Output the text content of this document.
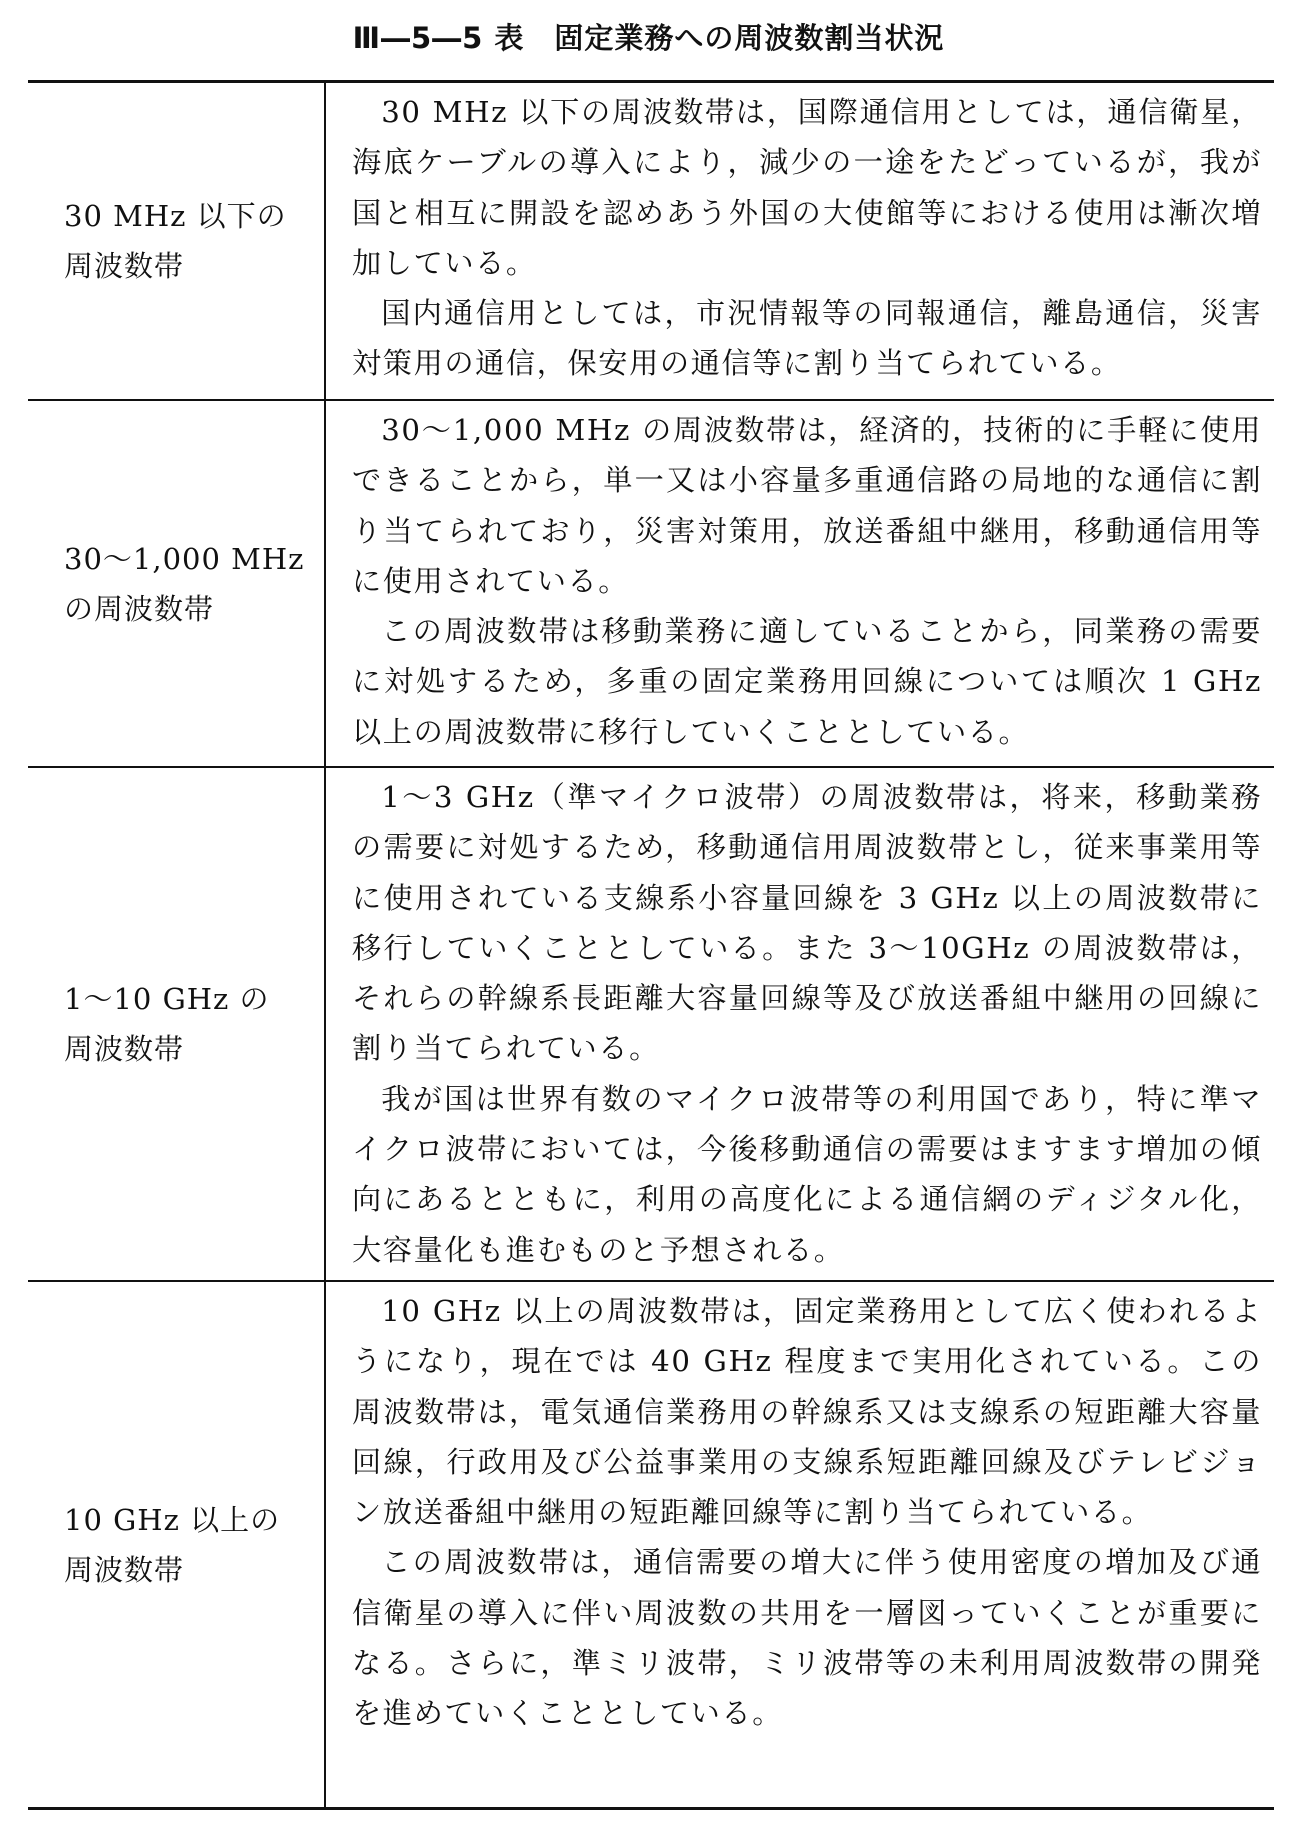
Ⅲ―5―5 表　固定業務への周波数割当状況
30 MHz 以下の
周波数帯

30 MHz 以下の周波数帯は，国際通信用としては，通信衛星，海底ケーブルの導入により，減少の一途をたどっているが，我が国と相互に開設を認めあう外国の大使館等における使用は漸次増加している。

国内通信用としては，市況情報等の同報通信，離島通信，災害対策用の通信，保安用の通信等に割り当てられている。

30～1,000 MHz
の周波数帯

30～1,000 MHz の周波数帯は，経済的，技術的に手軽に使用できることから，単一又は小容量多重通信路の局地的な通信に割り当てられており，災害対策用，放送番組中継用，移動通信用等に使用されている。

この周波数帯は移動業務に適していることから，同業務の需要に対処するため，多重の固定業務用回線については順次 1 GHz 以上の周波数帯に移行していくこととしている。

1～10 GHz の
周波数帯

1～3 GHz（準マイクロ波帯）の周波数帯は，将来，移動業務の需要に対処するため，移動通信用周波数帯とし，従来事業用等に使用されている支線系小容量回線を 3 GHz 以上の周波数帯に移行していくこととしている。また 3～10GHz の周波数帯は，それらの幹線系長距離大容量回線等及び放送番組中継用の回線に割り当てられている。

我が国は世界有数のマイクロ波帯等の利用国であり，特に準マイクロ波帯においては，今後移動通信の需要はますます増加の傾向にあるとともに，利用の高度化による通信網のディジタル化，大容量化も進むものと予想される。

10 GHz 以上の
周波数帯

10 GHz 以上の周波数帯は，固定業務用として広く使われるようになり，現在では 40 GHz 程度まで実用化されている。この周波数帯は，電気通信業務用の幹線系又は支線系の短距離大容量回線，行政用及び公益事業用の支線系短距離回線及びテレビジョン放送番組中継用の短距離回線等に割り当てられている。

この周波数帯は，通信需要の増大に伴う使用密度の増加及び通信衛星の導入に伴い周波数の共用を一層図っていくことが重要になる。さらに，準ミリ波帯，ミリ波帯等の未利用周波数帯の開発を進めていくこととしている。
